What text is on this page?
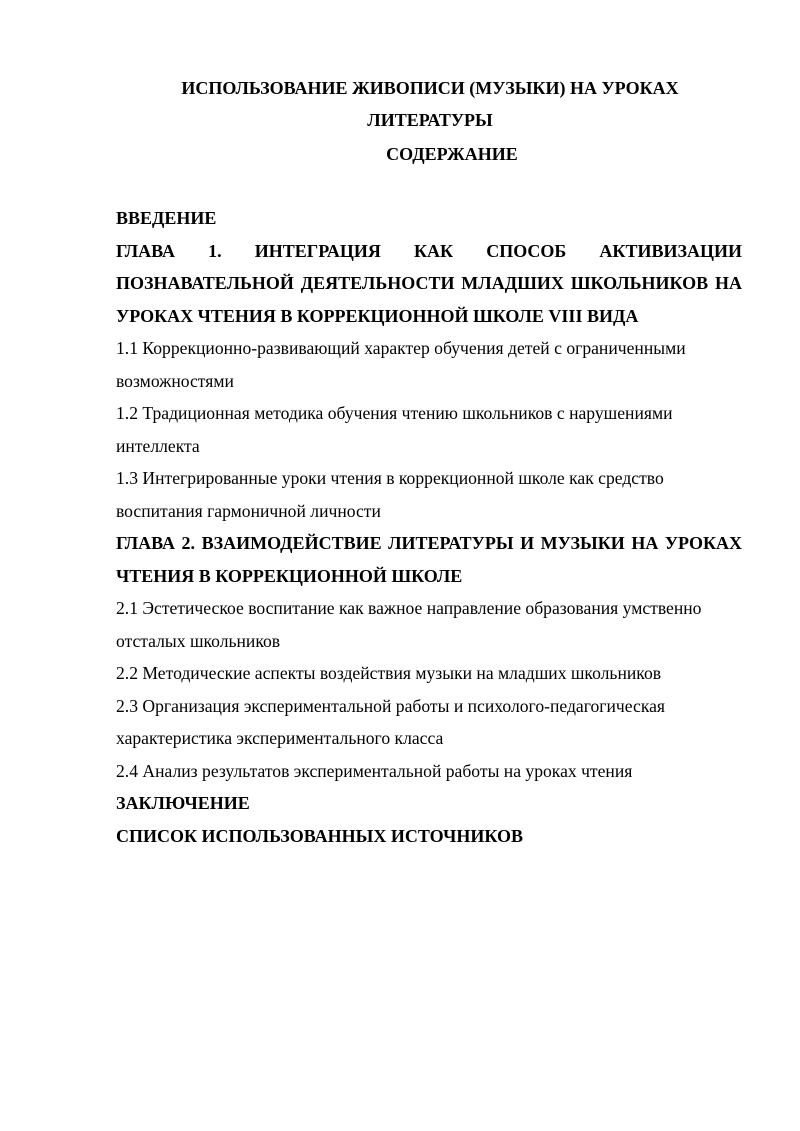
ИСПОЛЬЗОВАНИЕ ЖИВОПИСИ (МУЗЫКИ) НА УРОКАХ
ЛИТЕРАТУРЫ
СОДЕРЖАНИЕ

ВВЕДЕНИЕ

ГЛАВА 1. ИНТЕГРАЦИЯ КАК СПОСОБ АКТИВИЗАЦИИ ПОЗНАВАТЕЛЬНОЙ ДЕЯТЕЛЬНОСТИ МЛАДШИХ ШКОЛЬНИКОВ НА УРОКАХ ЧТЕНИЯ В КОРРЕКЦИОННОЙ ШКОЛЕ VIII ВИДА

1.1 Коррекционно-развивающий характер обучения детей с ограниченными возможностями

1.2 Традиционная методика обучения чтению школьников с нарушениями интеллекта

1.3 Интегрированные уроки чтения в коррекционной школе как средство воспитания гармоничной личности

ГЛАВА 2. ВЗАИМОДЕЙСТВИЕ ЛИТЕРАТУРЫ И МУЗЫКИ НА УРОКАХ ЧТЕНИЯ В КОРРЕКЦИОННОЙ ШКОЛЕ

2.1 Эстетическое воспитание как важное направление образования умственно отсталых школьников

2.2 Методические аспекты воздействия музыки на младших школьников

2.3 Организация экспериментальной работы и психолого-педагогическая характеристика экспериментального класса

2.4 Анализ результатов экспериментальной работы на уроках чтения

ЗАКЛЮЧЕНИЕ

СПИСОК ИСПОЛЬЗОВАННЫХ ИСТОЧНИКОВ
